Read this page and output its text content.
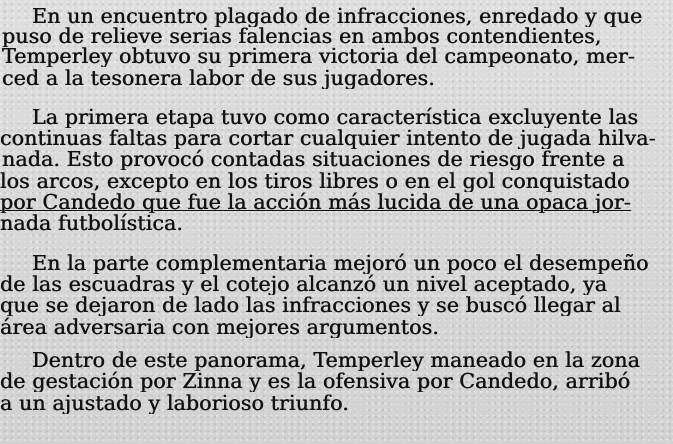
En un encuentro plagado de infracciones, enredado y que
puso de relieve serias falencias en ambos contendientes,
Temperley obtuvo su primera victoria del campeonato, mer-
ced a la tesonera labor de sus jugadores.
La primera etapa tuvo como característica excluyente las
continuas faltas para cortar cualquier intento de jugada hilva-
nada. Esto provocó contadas situaciones de riesgo frente a
los arcos, excepto en los tiros libres o en el gol conquistado
por Candedo que fue la acción más lucida de una opaca jor-
nada futbolística.
En la parte complementaria mejoró un poco el desempeño
de las escuadras y el cotejo alcanzó un nivel aceptado, ya
que se dejaron de lado las infracciones y se buscó llegar al
área adversaria con mejores argumentos.
Dentro de este panorama, Temperley maneado en la zona
de gestación por Zinna y es la ofensiva por Candedo, arribó
a un ajustado y laborioso triunfo.
